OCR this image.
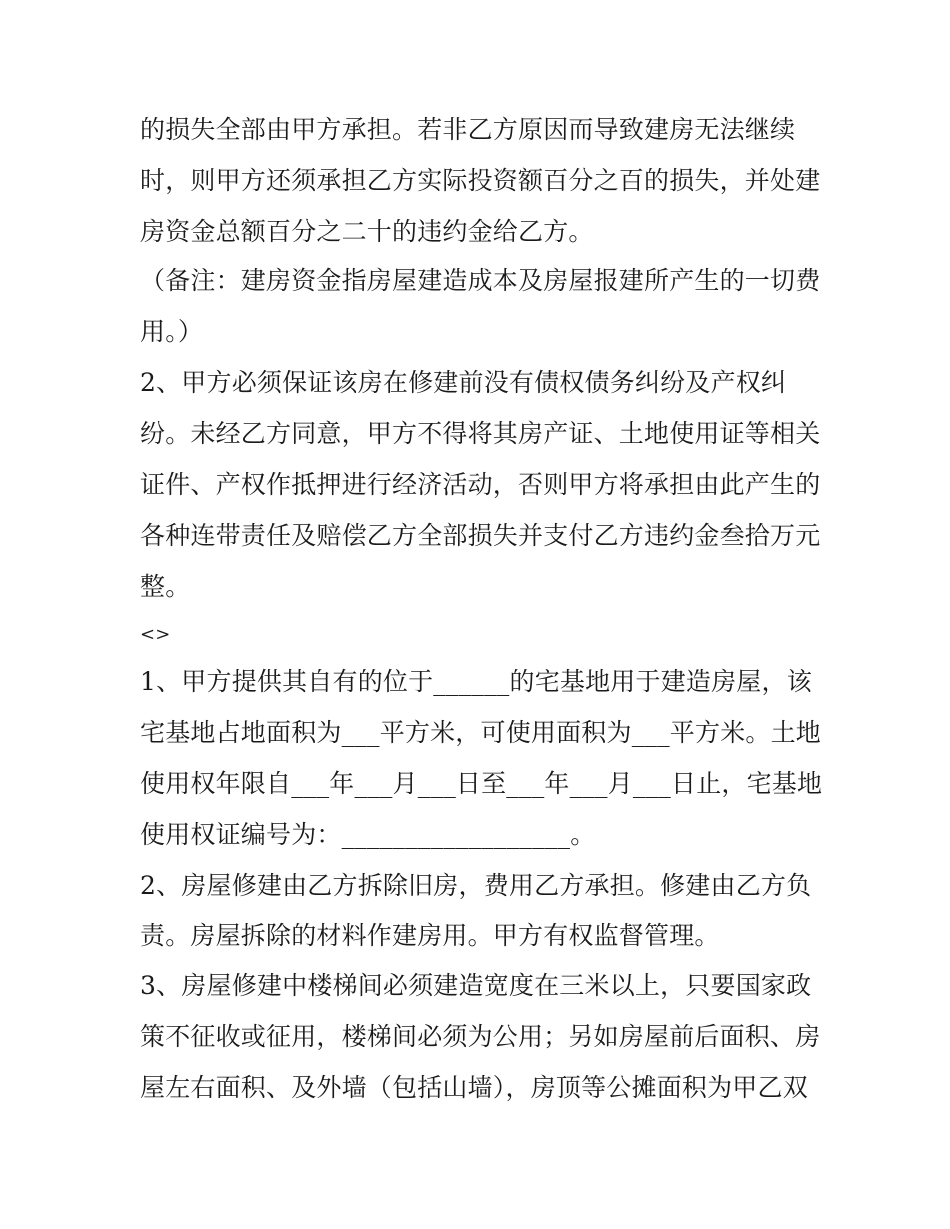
的损失全部由甲方承担。若非乙方原因而导致建房无法继续
时，则甲方还须承担乙方实际投资额百分之百的损失，并处建
房资金总额百分之二十的违约金给乙方。
（备注：建房资金指房屋建造成本及房屋报建所产生的一切费
用。）
2、甲方必须保证该房在修建前没有债权债务纠纷及产权纠
纷。未经乙方同意，甲方不得将其房产证、土地使用证等相关
证件、产权作抵押进行经济活动，否则甲方将承担由此产生的
各种连带责任及赔偿乙方全部损失并支付乙方违约金叁拾万元
整。
<>
1、甲方提供其自有的位于______的宅基地用于建造房屋，该
宅基地占地面积为___平方米，可使用面积为___平方米。土地
使用权年限自___年___月___日至___年___月___日止，宅基地
使用权证编号为：__________________。
2、房屋修建由乙方拆除旧房，费用乙方承担。修建由乙方负
责。房屋拆除的材料作建房用。甲方有权监督管理。
3、房屋修建中楼梯间必须建造宽度在三米以上，只要国家政
策不征收或征用，楼梯间必须为公用；另如房屋前后面积、房
屋左右面积、及外墙（包括山墙），房顶等公摊面积为甲乙双
